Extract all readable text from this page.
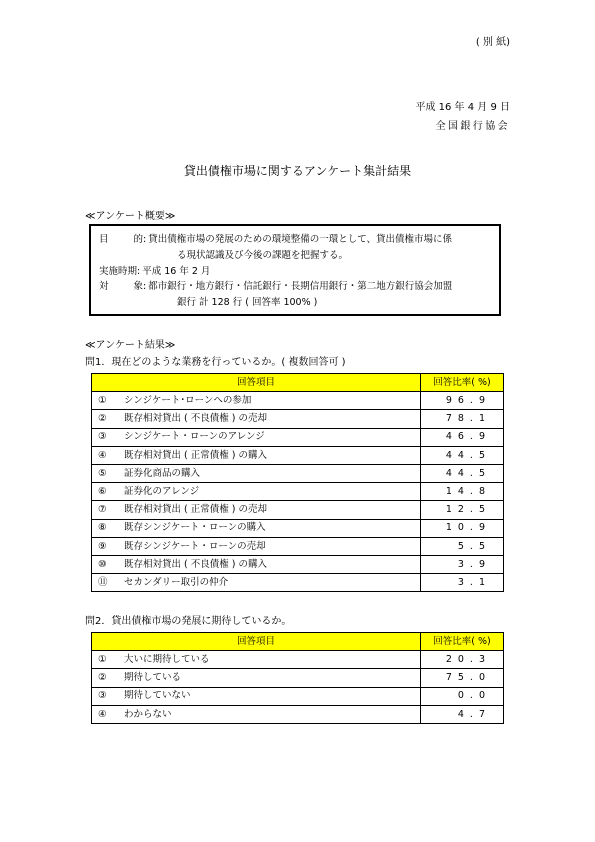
( 別 紙)
平成 16 年 4 月 9 日
全国銀行協会
貸出債権市場に関するアンケート集計結果
≪アンケート概要≫
目的 : 貸出債権市場の発展のための環境整備の一環として、貸出債権市場に係
る現状認識及び今後の課題を把握する。
実施時期 : 平成 16 年 2 月
対象 : 都市銀行・地方銀行・信託銀行・長期信用銀行・第二地方銀行協会加盟
銀行 計 128 行 ( 回答率 100% )
≪アンケート結果≫
問1．現在どのような業務を行っているか。( 複数回答可 )
回答項目		回答比率( %)
①	シンジケート･ローンへの参加	96.9
②	既存相対貸出 ( 不良債権 ) の売却	78.1
③	シンジケート・ローンのアレンジ	46.9
④	既存相対貸出 ( 正常債権 ) の購入	44.5
⑤	証券化商品の購入	44.5
⑥	証券化のアレンジ	14.8
⑦	既存相対貸出 ( 正常債権 ) の売却	12.5
⑧	既存シンジケート・ローンの購入	10.9
⑨	既存シンジケート・ローンの売却	5.5
⑩	既存相対貸出 ( 不良債権 ) の購入	3.9
⑪	セカンダリー取引の仲介	3.1
問2．貸出債権市場の発展に期待しているか。
回答項目		回答比率( %)
①	大いに期待している	20.3
②	期待している	75.0
③	期待していない	0.0
④	わからない	4.7
